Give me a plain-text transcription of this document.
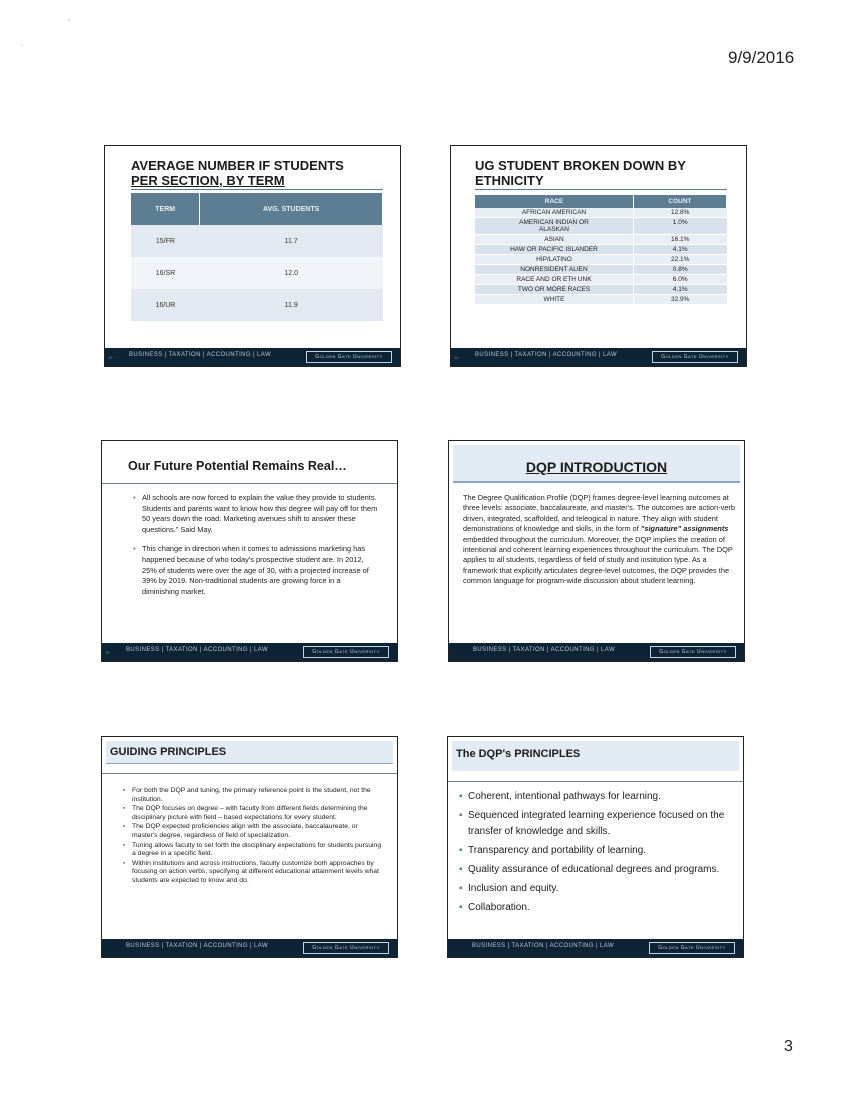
'
·
9/9/2016
AVERAGE NUMBER IF STUDENTS
PER SECTION, BY TERM
TERM	AVG. STUDENTS
15/FR	11.7
16/SR	12.0
16/UR	11.9
13	BUSINESS | TAXATION | ACCOUNTING | LAW	Golden Gate University
UG STUDENT BROKEN DOWN BY
ETHNICITY
RACE	COUNT
AFRICAN AMERICAN	12.8%
AMERICAN INDIAN OR ALASKAN	1.0%
ASIAN	16.1%
HAW OR PACIFIC ISLANDER	4.1%
HIP/LATINO	22.1%
NONRESIDENT ALIEN	0.8%
RACE AND OR ETH UNK	6.0%
TWO OR MORE RACES	4.1%
WHITE	32.9%
14	BUSINESS | TAXATION | ACCOUNTING | LAW	Golden Gate University
Our Future Potential Remains Real…
▪ All schools are now forced to explain the value they provide to students. Students and parents want to know how this degree will pay off for them 50 years down the road. Marketing avenues shift to answer these questions." Said May.
▪ This change in direction when it comes to admissions marketing has happened because of who today's prospective student are. In 2012, 25% of students were over the age of 30, with a projected increase of 39% by 2019. Non-traditional students are growing force in a diminishing market.
15	BUSINESS | TAXATION | ACCOUNTING | LAW	Golden Gate University
DQP INTRODUCTION
The Degree Qualification Profile (DQP) frames degree-level learning outcomes at three levels: associate, baccalaureate, and master's. The outcomes are action-verb driven, integrated, scaffolded, and teleogical in nature. They align with student demonstrations of knowledge and skills, in the form of "signature" assignments embedded throughout the curriculum. Moreover, the DQP implies the creation of intentional and coherent learning experiences throughout the curriculum. The DQP applies to all students, regardless of field of study and institution type. As a framework that explicitly articulates degree-level outcomes, the DQP provides the common language for program-wide discussion about student learning.
BUSINESS | TAXATION | ACCOUNTING | LAW	Golden Gate University
GUIDING PRINCIPLES
▪ For both the DQP and tuning, the primary reference point is the student, not the institution.
▪ The DQP focuses on degree – with faculty from different fields determining the disciplinary picture with field – based expectations for every student.
▪ The DQP expected proficiencies align with the associate, baccalaureate, or master's degree, regardless of field of specialization.
▪ Tuning allows faculty to set forth the disciplinary expectations for students pursuing a degree in a specific field.
▪ Within institutions and across instructions, faculty customize both approaches by focusing on action verbs, specifying at different educational attainment levels what students are expected to know and do.
BUSINESS | TAXATION | ACCOUNTING | LAW	Golden Gate University
The DQP's PRINCIPLES
▪ Coherent, intentional pathways for learning.
▪ Sequenced integrated learning experience focused on the transfer of knowledge and skills.
▪ Transparency and portability of learning.
▪ Quality assurance of educational degrees and programs.
▪ Inclusion and equity.
▪ Collaboration.
BUSINESS | TAXATION | ACCOUNTING | LAW	Golden Gate University
3
